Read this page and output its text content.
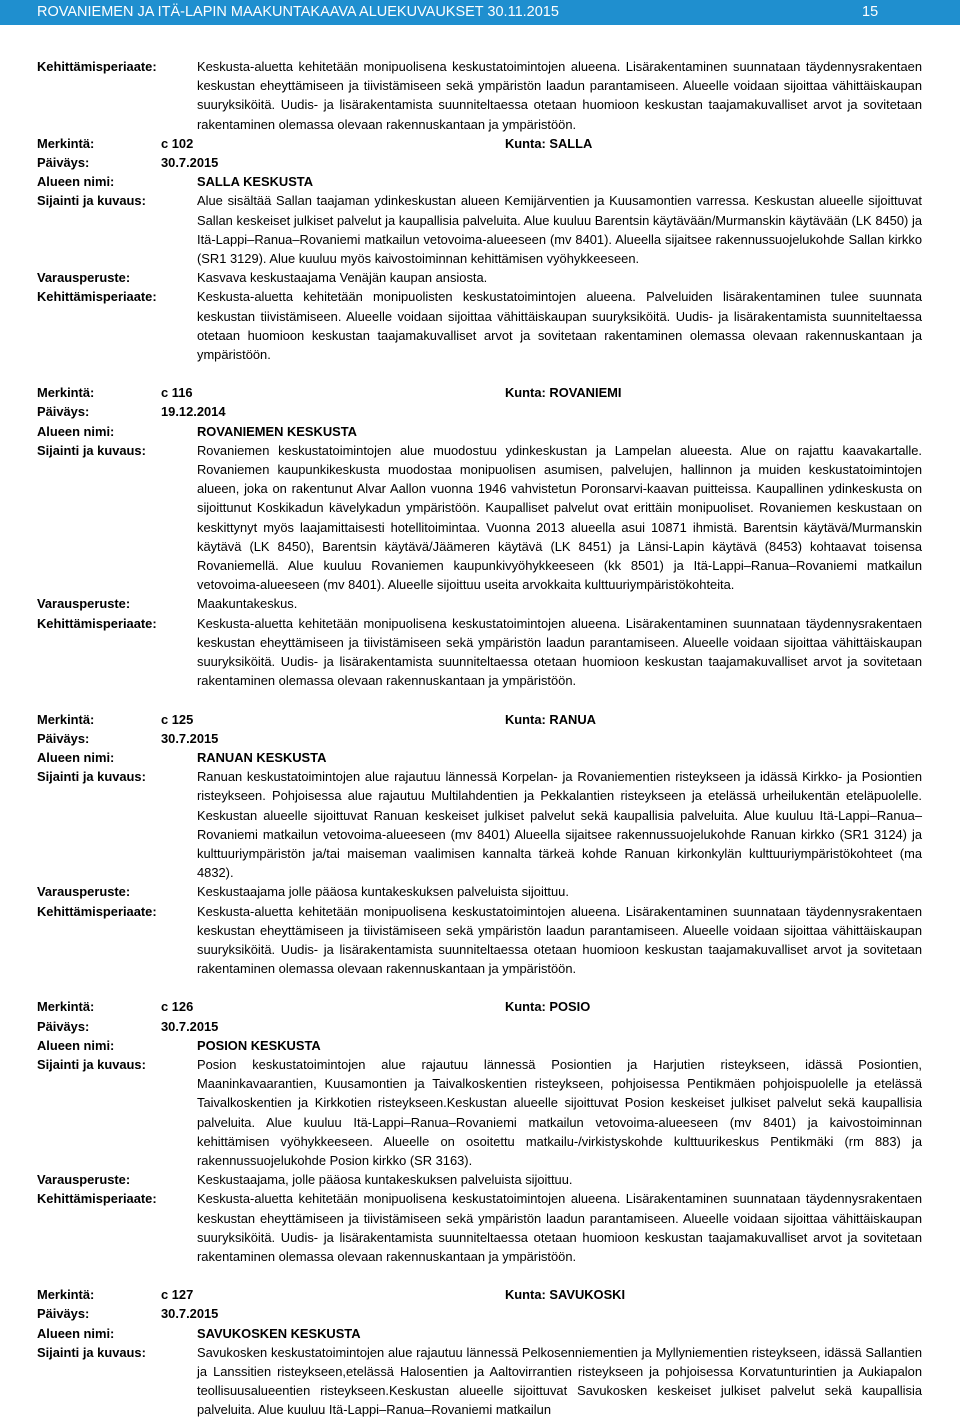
ROVANIEMEN JA ITÄ-LAPIN MAAKUNTAKAAVA ALUEKUVAUKSET 30.11.2015	15
Kehittämisperiaate:	Keskusta-aluetta kehitetään monipuolisena keskustatoimintojen alueena. Lisärakentaminen suunnataan täydennysrakentaen keskustan eheyttämiseen ja tiivistämiseen sekä ympäristön laadun parantamiseen. Alueelle voidaan sijoittaa vähittäiskaupan suuryksiköitä. Uudis- ja lisärakentamista suunniteltaessa otetaan huomioon keskustan taajamakuvalliset arvot ja sovitetaan rakentaminen olemassa olevaan rakennuskantaan ja ympäristöön.
Merkintä:	c 102	Kunta: SALLA
Päiväys:	30.7.2015
Alueen nimi:	SALLA KESKUSTA
Sijainti ja kuvaus:	Alue sisältää Sallan taajaman ydinkeskustan alueen Kemijärventien ja Kuusamontien varressa. Keskustan alueelle sijoittuvat Sallan keskeiset julkiset palvelut ja kaupallisia palveluita. Alue kuuluu Barentsin käytävään/Murmanskin käytävään (LK 8450) ja Itä-Lappi–Ranua–Rovaniemi matkailun vetovoima-alueeseen (mv 8401). Alueella sijaitsee rakennussuojelukohde Sallan kirkko (SR1 3129). Alue kuuluu myös kaivostoiminnan kehittämisen vyöhykkeeseen.
Varausperuste:	Kasvava keskustaajama Venäjän kaupan ansiosta.
Kehittämisperiaate:	Keskusta-aluetta kehitetään monipuolisten keskustatoimintojen alueena. Palveluiden lisärakentaminen tulee suunnata keskustan tiivistämiseen. Alueelle voidaan sijoittaa vähittäiskaupan suuryksiköitä. Uudis- ja lisärakentamista suunniteltaessa otetaan huomioon keskustan taajamakuvalliset arvot ja sovitetaan rakentaminen olemassa olevaan rakennuskantaan ja ympäristöön.
Merkintä:	c 116	Kunta: ROVANIEMI
Päiväys:	19.12.2014
Alueen nimi:	ROVANIEMEN KESKUSTA
Sijainti ja kuvaus:	Rovaniemen keskustatoimintojen alue muodostuu ydinkeskustan ja Lampelan alueesta. Alue on rajattu kaavakartalle. Rovaniemen kaupunkikeskusta muodostaa monipuolisen asumisen, palvelujen, hallinnon ja muiden keskustatoimintojen alueen, joka on rakentunut Alvar Aallon vuonna 1946 vahvistetun Poronsarvi-kaavan puitteissa. Kaupallinen ydinkeskusta on sijoittunut Koskikadun kävelykadun ympäristöön. Kaupalliset palvelut ovat erittäin monipuoliset. Rovaniemen keskustaan on keskittynyt myös laajamittaisesti hotellitoimintaa. Vuonna 2013 alueella asui 10871 ihmistä. Barentsin käytävä/Murmanskin käytävä (LK 8450), Barentsin käytävä/Jäämeren käytävä (LK 8451) ja Länsi-Lapin käytävä (8453) kohtaavat toisensa Rovaniemellä. Alue kuuluu Rovaniemen kaupunkivyöhykkeeseen (kk 8501) ja Itä-Lappi–Ranua–Rovaniemi matkailun vetovoima-alueeseen (mv 8401). Alueelle sijoittuu useita arvokkaita kulttuuriympäristökohteita.
Varausperuste:	Maakuntakeskus.
Kehittämisperiaate:	Keskusta-aluetta kehitetään monipuolisena keskustatoimintojen alueena. Lisärakentaminen suunnataan täydennysrakentaen keskustan eheyttämiseen ja tiivistämiseen sekä ympäristön laadun parantamiseen. Alueelle voidaan sijoittaa vähittäiskaupan suuryksiköitä. Uudis- ja lisärakentamista suunniteltaessa otetaan huomioon keskustan taajamakuvalliset arvot ja sovitetaan rakentaminen olemassa olevaan rakennuskantaan ja ympäristöön.
Merkintä:	c 125	Kunta: RANUA
Päiväys:	30.7.2015
Alueen nimi:	RANUAN KESKUSTA
Sijainti ja kuvaus:	Ranuan keskustatoimintojen alue rajautuu lännessä Korpelan- ja Rovaniementien risteykseen ja idässä Kirkko- ja Posiontien risteykseen. Pohjoisessa alue rajautuu Multilahdentien ja Pekkalantien risteykseen ja etelässä urheilukentän eteläpuolelle. Keskustan alueelle sijoittuvat Ranuan keskeiset julkiset palvelut sekä kaupallisia palveluita. Alue kuuluu Itä-Lappi–Ranua–Rovaniemi matkailun vetovoima-alueeseen (mv 8401) Alueella sijaitsee rakennussuojelukohde Ranuan kirkko (SR1 3124) ja kulttuuriympäristön ja/tai maiseman vaalimisen kannalta tärkeä kohde Ranuan kirkonkylän kulttuuriympäristökohteet (ma 4832).
Varausperuste:	Keskustaajama jolle pääosa kuntakeskuksen palveluista sijoittuu.
Kehittämisperiaate:	Keskusta-aluetta kehitetään monipuolisena keskustatoimintojen alueena. Lisärakentaminen suunnataan täydennysrakentaen keskustan eheyttämiseen ja tiivistämiseen sekä ympäristön laadun parantamiseen. Alueelle voidaan sijoittaa vähittäiskaupan suuryksiköitä. Uudis- ja lisärakentamista suunniteltaessa otetaan huomioon keskustan taajamakuvalliset arvot ja sovitetaan rakentaminen olemassa olevaan rakennuskantaan ja ympäristöön.
Merkintä:	c 126	Kunta: POSIO
Päiväys:	30.7.2015
Alueen nimi:	POSION KESKUSTA
Sijainti ja kuvaus:	Posion keskustatoimintojen alue rajautuu lännessä Posiontien ja Harjutien risteykseen, idässä Posiontien, Maaninkavaarantien, Kuusamontien ja Taivalkoskentien risteykseen, pohjoisessa Pentikmäen pohjoispuolelle ja etelässä Taivalkoskentien ja Kirkkotien risteykseen.Keskustan alueelle sijoittuvat Posion keskeiset julkiset palvelut sekä kaupallisia palveluita. Alue kuuluu Itä-Lappi–Ranua–Rovaniemi matkailun vetovoima-alueeseen (mv 8401) ja kaivostoiminnan kehittämisen vyöhykkeeseen. Alueelle on osoitettu matkailu-/virkistyskohde kulttuurikeskus Pentikmäki (rm 883) ja rakennussuojelukohde Posion kirkko (SR 3163).
Varausperuste:	Keskustaajama, jolle pääosa kuntakeskuksen palveluista sijoittuu.
Kehittämisperiaate:	Keskusta-aluetta kehitetään monipuolisena keskustatoimintojen alueena. Lisärakentaminen suunnataan täydennysrakentaen keskustan eheyttämiseen ja tiivistämiseen sekä ympäristön laadun parantamiseen. Alueelle voidaan sijoittaa vähittäiskaupan suuryksiköitä. Uudis- ja lisärakentamista suunniteltaessa otetaan huomioon keskustan taajamakuvalliset arvot ja sovitetaan rakentaminen olemassa olevaan rakennuskantaan ja ympäristöön.
Merkintä:	c 127	Kunta: SAVUKOSKI
Päiväys:	30.7.2015
Alueen nimi:	SAVUKOSKEN KESKUSTA
Sijainti ja kuvaus:	Savukosken keskustatoimintojen alue rajautuu lännessä Pelkosenniementien ja Myllyniementien risteykseen, idässä Sallantien ja Lanssitien risteykseen,etelässä Halosentien ja Aaltovirrantien risteykseen ja pohjoisessa Korvatunturintien ja Aukiapalon teollisuusalueentien risteykseen.Keskustan alueelle sijoittuvat Savukosken keskeiset julkiset palvelut sekä kaupallisia palveluita. Alue kuuluu Itä-Lappi–Ranua–Rovaniemi matkailun
